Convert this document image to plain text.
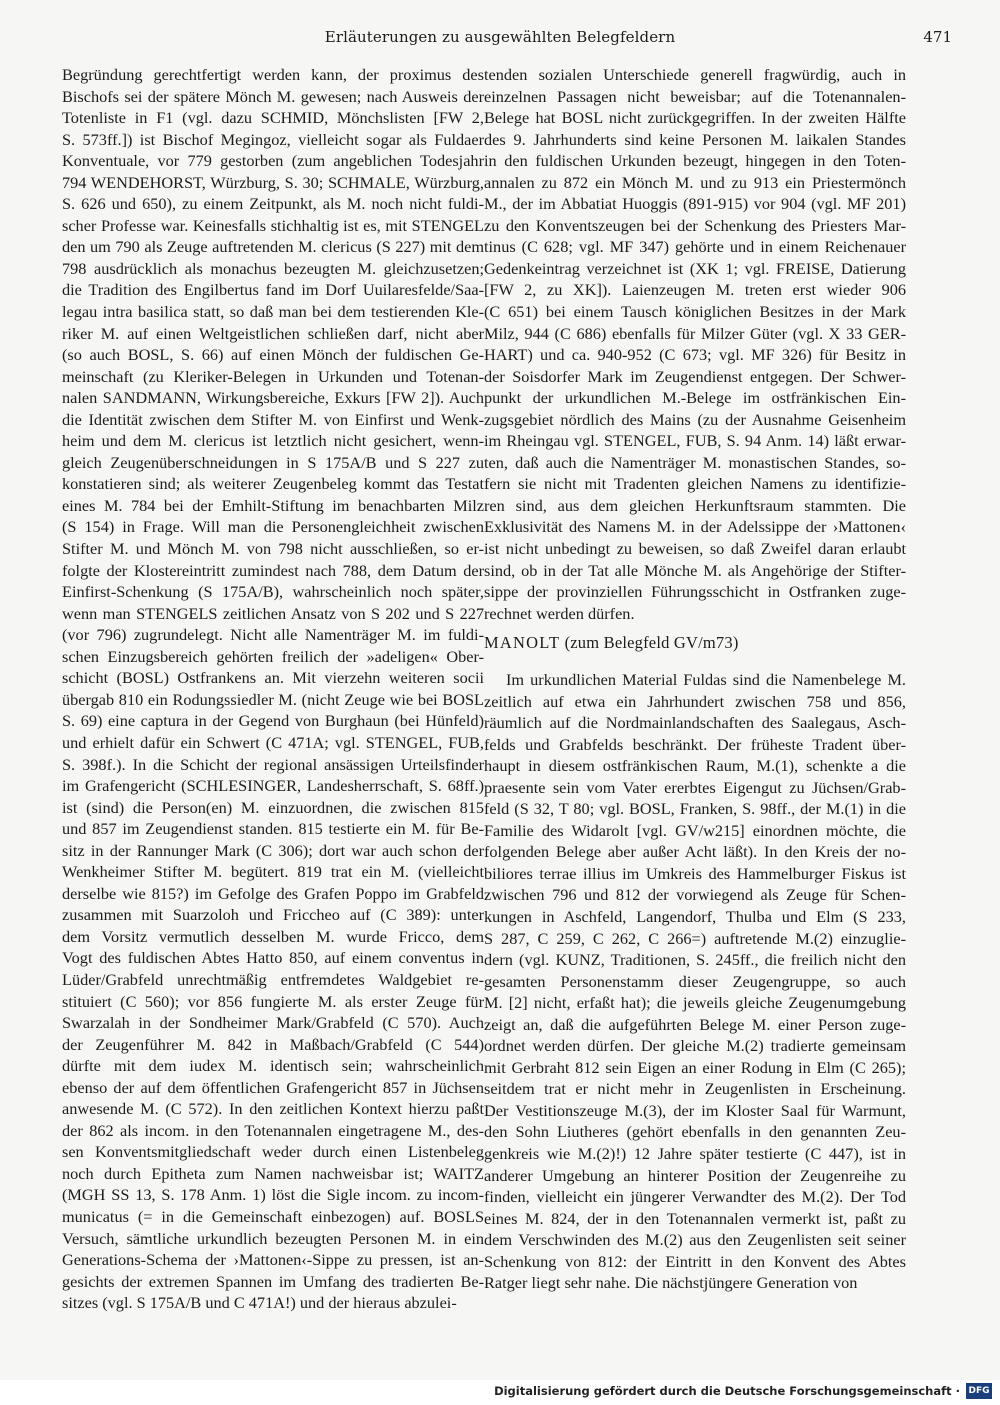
Erläuterungen zu ausgewählten Belegfeldern	471
Begründung gerechtfertigt werden kann, der proximus des
Bischofs sei der spätere Mönch M. gewesen; nach Ausweis der
Totenliste in F1 (vgl. dazu SCHMID, Mönchslisten [FW 2,
S. 573ff.]) ist Bischof Megingoz, vielleicht sogar als Fuldaer
Konventuale, vor 779 gestorben (zum angeblichen Todesjahr
794 WENDEHORST, Würzburg, S. 30; SCHMALE, Würzburg,
S. 626 und 650), zu einem Zeitpunkt, als M. noch nicht fuldi-
scher Professe war. Keinesfalls stichhaltig ist es, mit STENGEL
den um 790 als Zeuge auftretenden M. clericus (S 227) mit dem
798 ausdrücklich als monachus bezeugten M. gleichzusetzen;
die Tradition des Engilbertus fand im Dorf Uuilaresfelde/Saa-
legau intra basilica statt, so daß man bei dem testierenden Kle-
riker M. auf einen Weltgeistlichen schließen darf, nicht aber
(so auch BOSL, S. 66) auf einen Mönch der fuldischen Ge-
meinschaft (zu Kleriker-Belegen in Urkunden und Totenan-
nalen SANDMANN, Wirkungsbereiche, Exkurs [FW 2]). Auch
die Identität zwischen dem Stifter M. von Einfirst und Wenk-
heim und dem M. clericus ist letztlich nicht gesichert, wenn-
gleich Zeugenüberschneidungen in S 175A/B und S 227 zu
konstatieren sind; als weiterer Zeugenbeleg kommt das Testat
eines M. 784 bei der Emhilt-Stiftung im benachbarten Milz
(S 154) in Frage. Will man die Personengleichheit zwischen
Stifter M. und Mönch M. von 798 nicht ausschließen, so er-
folgte der Klostereintritt zumindest nach 788, dem Datum der
Einfirst-Schenkung (S 175A/B), wahrscheinlich noch später,
wenn man STENGELS zeitlichen Ansatz von S 202 und S 227
(vor 796) zugrundelegt. Nicht alle Namenträger M. im fuldi-
schen Einzugsbereich gehörten freilich der »adeligen« Ober-
schicht (BOSL) Ostfrankens an. Mit vierzehn weiteren socii
übergab 810 ein Rodungssiedler M. (nicht Zeuge wie bei BOSL
S. 69) eine captura in der Gegend von Burghaun (bei Hünfeld)
und erhielt dafür ein Schwert (C 471A; vgl. STENGEL, FUB,
S. 398f.). In die Schicht der regional ansässigen Urteilsfinder
im Grafengericht (SCHLESINGER, Landesherrschaft, S. 68ff.)
ist (sind) die Person(en) M. einzuordnen, die zwischen 815
und 857 im Zeugendienst standen. 815 testierte ein M. für Be-
sitz in der Rannunger Mark (C 306); dort war auch schon der
Wenkheimer Stifter M. begütert. 819 trat ein M. (vielleicht
derselbe wie 815?) im Gefolge des Grafen Poppo im Grabfeld
zusammen mit Suarzoloh und Friccheo auf (C 389): unter
dem Vorsitz vermutlich desselben M. wurde Fricco, dem
Vogt des fuldischen Abtes Hatto 850, auf einem conventus in
Lüder/Grabfeld unrechtmäßig entfremdetes Waldgebiet re-
stituiert (C 560); vor 856 fungierte M. als erster Zeuge für
Swarzalah in der Sondheimer Mark/Grabfeld (C 570). Auch
der Zeugenführer M. 842 in Maßbach/Grabfeld (C 544)
dürfte mit dem iudex M. identisch sein; wahrscheinlich
ebenso der auf dem öffentlichen Grafengericht 857 in Jüchsen
anwesende M. (C 572). In den zeitlichen Kontext hierzu paßt
der 862 als incom. in den Totenannalen eingetragene M., des-
sen Konventsmitgliedschaft weder durch einen Listenbeleg
noch durch Epitheta zum Namen nachweisbar ist; WAITZ
(MGH SS 13, S. 178 Anm. 1) löst die Sigle incom. zu incom-
municatus (= in die Gemeinschaft einbezogen) auf. BOSLS
Versuch, sämtliche urkundlich bezeugten Personen M. in ein
Generations-Schema der ›Mattonen‹-Sippe zu pressen, ist an-
gesichts der extremen Spannen im Umfang des tradierten Be-
sitzes (vgl. S 175A/B und C 471A!) und der hieraus abzulei-
tenden sozialen Unterschiede generell fragwürdig, auch in
einzelnen Passagen nicht beweisbar; auf die Totenannalen-
Belege hat BOSL nicht zurückgegriffen. In der zweiten Hälfte
des 9. Jahrhunderts sind keine Personen M. laikalen Standes
in den fuldischen Urkunden bezeugt, hingegen in den Toten-
annalen zu 872 ein Mönch M. und zu 913 ein Priestermönch
M., der im Abbatiat Huoggis (891-915) vor 904 (vgl. MF 201)
zu den Konventszeugen bei der Schenkung des Priesters Mar-
tinus (C 628; vgl. MF 347) gehörte und in einem Reichenauer
Gedenkeintrag verzeichnet ist (XK 1; vgl. FREISE, Datierung
[FW 2, zu XK]). Laienzeugen M. treten erst wieder 906
(C 651) bei einem Tausch königlichen Besitzes in der Mark
Milz, 944 (C 686) ebenfalls für Milzer Güter (vgl. X 33 GER-
HART) und ca. 940-952 (C 673; vgl. MF 326) für Besitz in
der Soisdorfer Mark im Zeugendienst entgegen. Der Schwer-
punkt der urkundlichen M.-Belege im ostfränkischen Ein-
zugsgebiet nördlich des Mains (zu der Ausnahme Geisenheim
im Rheingau vgl. STENGEL, FUB, S. 94 Anm. 14) läßt erwar-
ten, daß auch die Namenträger M. monastischen Standes, so-
fern sie nicht mit Tradenten gleichen Namens zu identifizie-
ren sind, aus dem gleichen Herkunftsraum stammten. Die
Exklusivität des Namens M. in der Adelssippe der ›Mattonen‹
ist nicht unbedingt zu beweisen, so daß Zweifel daran erlaubt
sind, ob in der Tat alle Mönche M. als Angehörige der Stifter-
sippe der provinziellen Führungsschicht in Ostfranken zuge-
rechnet werden dürfen.
MANOLT (zum Belegfeld GV/m73)
Im urkundlichen Material Fuldas sind die Namenbelege M.
zeitlich auf etwa ein Jahrhundert zwischen 758 und 856,
räumlich auf die Nordmainlandschaften des Saalegaus, Asch-
felds und Grabfelds beschränkt. Der früheste Tradent über-
haupt in diesem ostfränkischen Raum, M.(1), schenkte a die
praesente sein vom Vater ererbtes Eigengut zu Jüchsen/Grab-
feld (S 32, T 80; vgl. BOSL, Franken, S. 98ff., der M.(1) in die
Familie des Widarolt [vgl. GV/w215] einordnen möchte, die
folgenden Belege aber außer Acht läßt). In den Kreis der no-
biliores terrae illius im Umkreis des Hammelburger Fiskus ist
zwischen 796 und 812 der vorwiegend als Zeuge für Schen-
kungen in Aschfeld, Langendorf, Thulba und Elm (S 233,
S 287, C 259, C 262, C 266=) auftretende M.(2) einzuglie-
dern (vgl. KUNZ, Traditionen, S. 245ff., die freilich nicht den
gesamten Personenstamm dieser Zeugengruppe, so auch
M. [2] nicht, erfaßt hat); die jeweils gleiche Zeugenumgebung
zeigt an, daß die aufgeführten Belege M. einer Person zuge-
ordnet werden dürfen. Der gleiche M.(2) tradierte gemeinsam
mit Gerbraht 812 sein Eigen an einer Rodung in Elm (C 265);
seitdem trat er nicht mehr in Zeugenlisten in Erscheinung.
Der Vestitionszeuge M.(3), der im Kloster Saal für Warmunt,
den Sohn Liutheres (gehört ebenfalls in den genannten Zeu-
genkreis wie M.(2)!) 12 Jahre später testierte (C 447), ist in
anderer Umgebung an hinterer Position der Zeugenreihe zu
finden, vielleicht ein jüngerer Verwandter des M.(2). Der Tod
eines M. 824, der in den Totenannalen vermerkt ist, paßt zu
dem Verschwinden des M.(2) aus den Zeugenlisten seit seiner
Schenkung von 812: der Eintritt in den Konvent des Abtes
Ratger liegt sehr nahe. Die nächstjüngere Generation von
Digitalisierung gefördert durch die Deutsche Forschungsgemeinschaft · DFG
